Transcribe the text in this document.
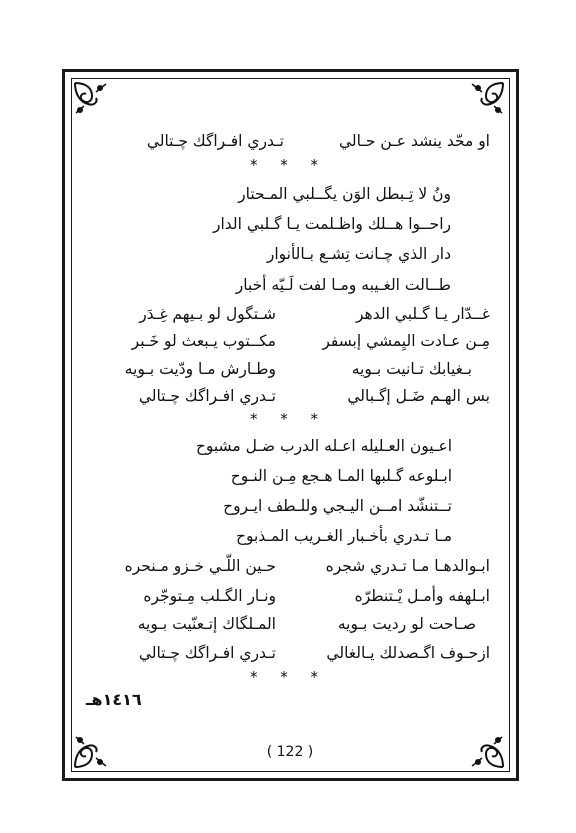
او محّد ينشد عـن حـالي
تـدري افـراگك چـتالي
* * *
ونُ لا تِـبطل الوَن يگــلبي المـحتار
راحــوا هــلك واظـلمت يـا گـلبي الدار
دار الذي چـانت تِشـع بـالأنوار
طــالت الغـيبه ومـا لفت لَـيّه أخبار
غــدّار يـا گـلبي الدهر
شـتگول لو بـيهم غِـدَر
مِـن عـادت اليِمشي إبسفر
مكــتوب يـبعث لو خَـبر
بـغيابك تـانيت بـويه
وطـارش مـا ودّيت بـويه
بس الهـم ضَـل إگـبالي
تـدري افـراگك چـتالي
* * *
اعـيون العـليله اعـله الدرب ضـل مشبوح
ابـلوعه گـلبها المـا هـجع مِـن النـوح
تــتنشّد امــن اليـجي وللـطف ايـروح
مـا تـدري بأخـبار الغـريب المـذبوح
ابـوالدهـا مـا تـدري شجره
حـين اللّـي خـزو مـنحره
ابـلهفه وأمـل يْـتنطرّه
ونـار الگـلب مِـتوجّره
صـاحت لو رديت بـويه
المـلگاك إتـعنّيت بـويه
ازحـوف اگـصدلك يـالغالي
تـدري افـراگك چـتالي
* * *
١٤١٦هـ
( 122 )
